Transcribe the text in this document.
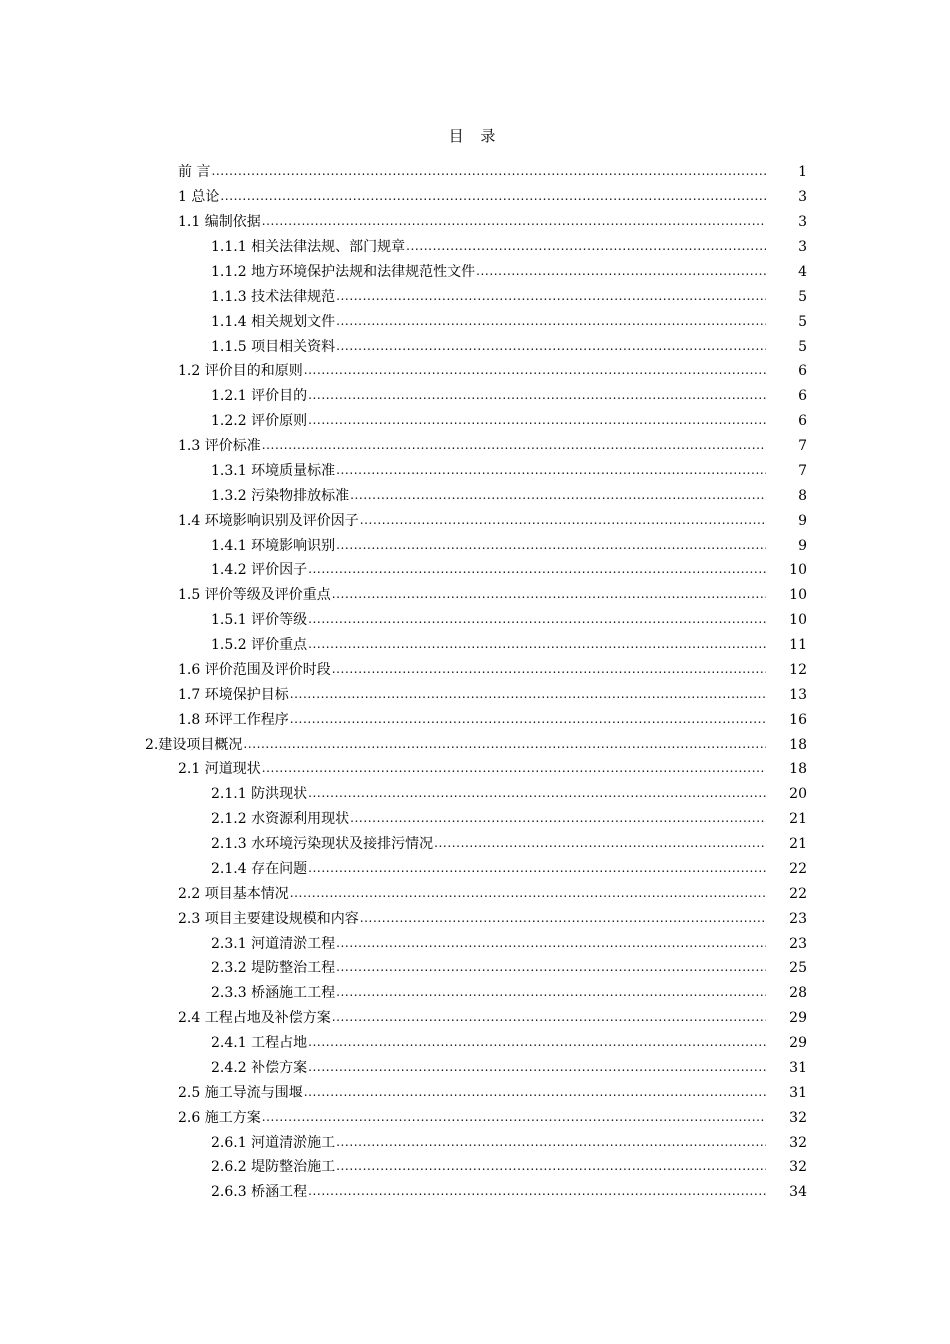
目 录
前 言 .....	1
1 总论 .....	3
1.1 编制依据 .....	3
1.1.1 相关法律法规、部门规章 .....	3
1.1.2 地方环境保护法规和法律规范性文件 .....	4
1.1.3 技术法律规范 .....	5
1.1.4 相关规划文件 .....	5
1.1.5 项目相关资料 .....	5
1.2 评价目的和原则 .....	6
1.2.1 评价目的 .....	6
1.2.2 评价原则 .....	6
1.3 评价标准 .....	7
1.3.1 环境质量标准 .....	7
1.3.2 污染物排放标准 .....	8
1.4 环境影响识别及评价因子 .....	9
1.4.1 环境影响识别 .....	9
1.4.2 评价因子 .....	10
1.5 评价等级及评价重点 .....	10
1.5.1 评价等级 .....	10
1.5.2 评价重点 .....	11
1.6 评价范围及评价时段 .....	12
1.7 环境保护目标 .....	13
1.8 环评工作程序 .....	16
2.建设项目概况 .....	18
2.1 河道现状 .....	18
2.1.1 防洪现状 .....	20
2.1.2 水资源利用现状 .....	21
2.1.3 水环境污染现状及接排污情况 .....	21
2.1.4 存在问题 .....	22
2.2 项目基本情况 .....	22
2.3 项目主要建设规模和内容 .....	23
2.3.1 河道清淤工程 .....	23
2.3.2 堤防整治工程 .....	25
2.3.3 桥涵施工工程 .....	28
2.4 工程占地及补偿方案 .....	29
2.4.1 工程占地 .....	29
2.4.2 补偿方案 .....	31
2.5 施工导流与围堰 .....	31
2.6 施工方案 .....	32
2.6.1 河道清淤施工 .....	32
2.6.2 堤防整治施工 .....	32
2.6.3 桥涵工程 .....	34
